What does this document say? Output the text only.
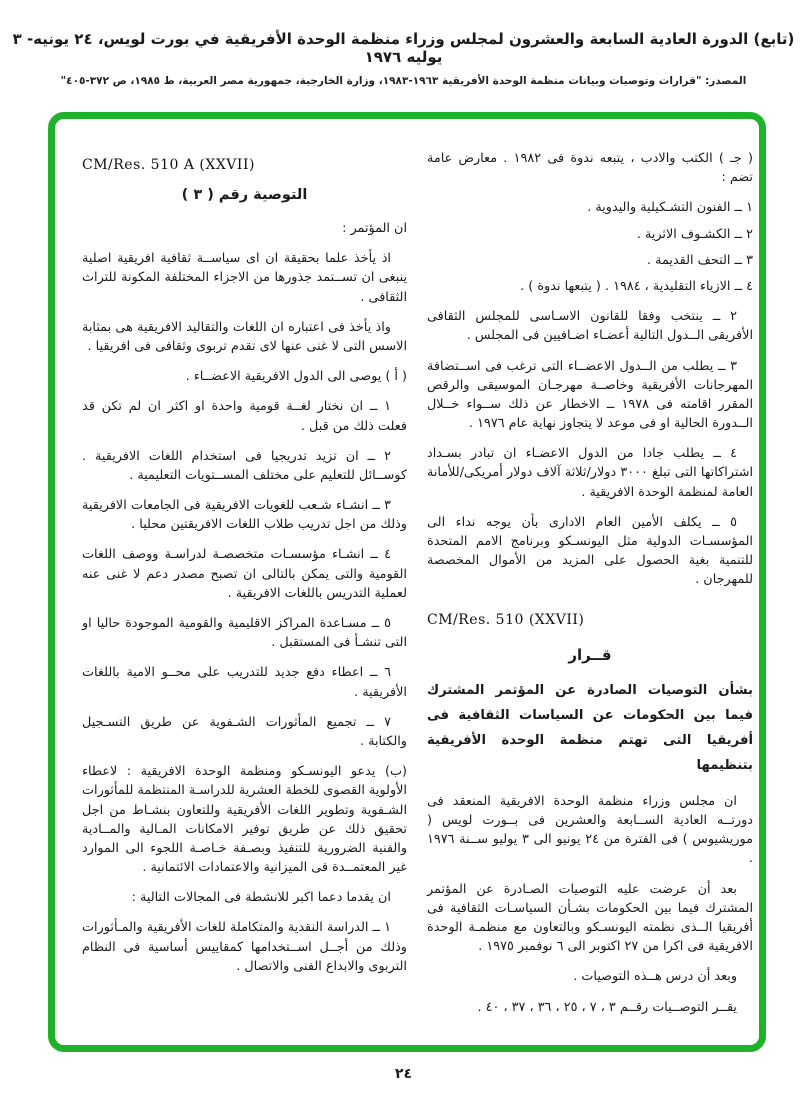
(تابع) الدورة العادية السابعة والعشرون لمجلس وزراء منظمة الوحدة الأفريقية في بورت لويس، ٢٤ يونيه- ٣ يوليه ١٩٧٦
المصدر: "قرارات وتوصيات وبيانات منظمة الوحدة الأفريقية ١٩٦٣-١٩٨٣، وزارة الخارجية، جمهورية مصر العربية، ط ١٩٨٥، ص ٣٧٢-٤٠٥"

CM/Res. 510 A (XXVII)

التوصية رقم ( ٣ )

ان المؤتمر :

اذ يأخذ علما بحقيقة ان اى سياســة ثقافية افريقية اصلية ينبغى ان تســتمد جذورها من الاجزاء المختلفة المكونة للتراث الثقافى .

واذ يأخذ فى اعتباره ان اللغات والتقاليد الافريقية هى بمثابة الاسس التى لا غنى عنها لاى تقدم تربوى وثقافى فى افريقيا .

( أ ) يوصى الى الدول الافريقية الاعضــاء .

١ ــ ان نختار لغــة قومية واحدة او اكثر ان لم تكن قد فعلت ذلك من قبل .

٢ ــ ان تزيد تدريجيا فى استخدام اللغات الافريقية . كوســائل للتعليم على مختلف المســتويات التعليمية .

٣ ــ انشـاء شـعب للغويات الافريقية فى الجامعات الافريقية وذلك من اجل تدريب طلاب اللغات الافريقتين محليا .

٤ ــ انشـاء مؤسسـات متخصصـة لدراسـة ووصف اللغات القومية والتى يمكن بالتالى ان تصبح مصدر دعم لا غنى عنه لعملية التدريس باللغات الافريقية .

٥ ــ مسـاعدة المراكز الاقليمية والقومية الموجودة حاليا او التى تنشـأ فى المستقبل .

٦ ــ اعطاء دفع جديد للتدريب على محــو الامية باللغات الأفريقية .

٧ ــ تجميع المأثورات الشـفوية عن طريق التسـجيل والكتابة .

(ب) يدعو اليونسـكو ومنظمة الوحدة الافريقية : لاعطاء الأولوية القصوى للخطة العشرية للدراسـة المنتظمة للمأثورات الشـفوية وتطوير اللغات الأفريقية وللتعاون بنشـاط من اجل تحقيق ذلك عن طريق توفير الامكانات المـالية والمــادية والفنية الضرورية للتنفيذ وبصـفة خـاصـة اللجوء الى الموارد غير المعتمــدة فى الميزانية والاعتمادات الائتمانية .

ان يقدما دعما اكبر للانشطة فى المجالات التالية :

١ ــ الدراسة النقدية والمتكاملة للغات الأفريقية والمـأثورات وذلك من أجــل اســتخدامها كمقاييس أساسية فى النظام التربوى والابداع الفنى والاتصال .

( جـ ) الكتب والادب ، يتبعه ندوة فى ١٩٨٢ . معارض عامة تضم :

١ ــ الفنون التشـكيلية واليدوية .

٢ ــ الكشـوف الاثرية .

٣ ــ التحف القديمة .

٤ ــ الازياء التقليدية ، ١٩٨٤ . ( يتبعها ندوة ) .

٢ ــ ينتخب وفقا للقانون الاسـاسى للمجلس الثقافى الأفريقى الــدول التالية أعضـاء اضـافيين فى المجلس .

٣ ــ يطلب من الــدول الاعضــاء التى ترغب فى اســتضافة المهرجانات الأفريقية وخاصــة مهرجـان الموسيقى والرقص المقرر اقامته فى ١٩٧٨ ــ الاخطار عن ذلك ســواء خــلال الــدورة الحالية او فى موعد لا يتجاوز نهاية عام ١٩٧٦ .

٤ ــ يطلب جادا من الدول الاعضـاء ان تبادر بسـداد اشتراكاتها التى تبلغ ٣٠٠٠ دولار/ثلاثة آلاف دولار أمريكى/للأمانة العامة لمنظمة الوحدة الافريقية .

٥ ــ يكلف الأمين العام الادارى بأن يوجه نداء الى المؤسسـات الدولية مثل اليونسـكو وبرنامج الامم المتحدة للتنمية بغية الحصول على المزيد من الأموال المخصصة للمهرجان .

CM/Res. 510 (XXVII)

قــرار

بشأن التوصيات الصادرة عن المؤتمر المشترك فيما بين الحكومات عن السياسات الثقافية فى أفريقيا التى تهتم منظمة الوحدة الأفريقية بتنظيمها

ان مجلس وزراء منظمة الوحدة الافريقية المنعقد فى دورتــه العادية الســابعة والعشرين فى بــورت لويس ( موريشيوس ) فى الفترة من ٢٤ يونيو الى ٣ يوليو ســنة ١٩٧٦ .

بعد أن عرضت عليه التوصيات الصـادرة عن المؤتمر المشترك فيما بين الحكومات بشـأن السياسـات الثقافية فى أفريقيا الــذى نظمته اليونسـكو وبالتعاون مع منظمـة الوحدة الافريقية فى اكرا من ٢٧ اكتوبر الى ٦ نوفمبر ١٩٧٥ .

وبعد أن درس هــذه التوصيات .

يقــر التوصــيات رقــم ٣ ، ٧ ، ٢٥ ، ٣٦ ، ٣٧ ، ٤٠ .

٢٤
